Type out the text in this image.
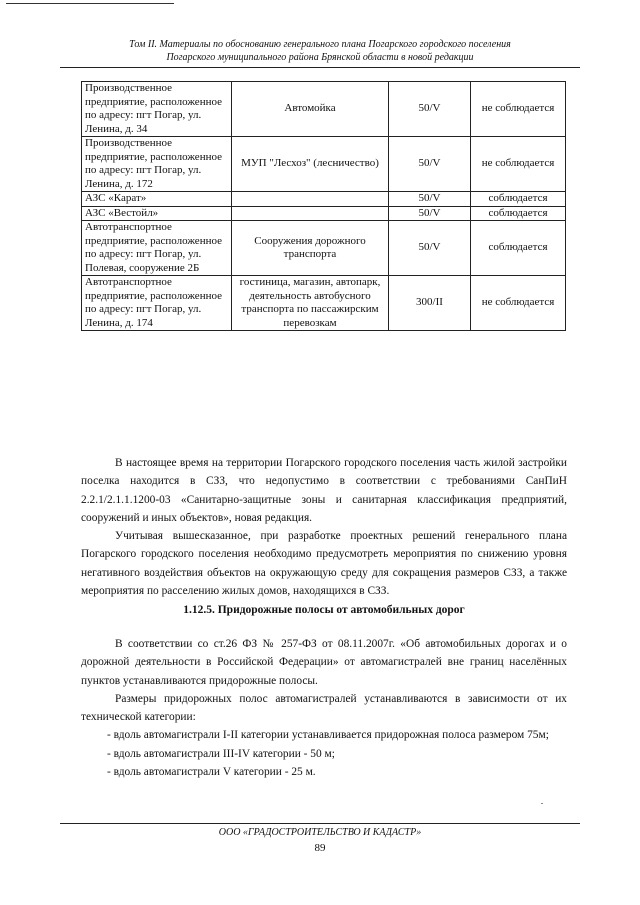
Том II. Материалы по обоснованию генерального плана Погарского городского поселения
Погарского муниципального района Брянской области в новой редакции
Производственное предприятие, расположенное по адресу: пгт Погар, ул. Ленина, д. 34	Автомойка	50/V	не соблюдается
Производственное предприятие, расположенное по адресу: пгт Погар, ул. Ленина, д. 172	МУП "Лесхоз" (лесничество)	50/V	не соблюдается
АЗС «Карат»		50/V	соблюдается
АЗС «Вестойл»		50/V	соблюдается
Автотранспортное предприятие, расположенное по адресу: пгт Погар, ул. Полевая, сооружение 2Б	Сооружения дорожного транспорта	50/V	соблюдается
Автотранспортное предприятие, расположенное по адресу: пгт Погар, ул. Ленина, д. 174	гостиница, магазин, автопарк, деятельность автобусного транспорта по пассажирским перевозкам	300/II	не соблюдается

В настоящее время на территории Погарского городского поселения часть жилой застройки поселка находится в СЗЗ, что недопустимо в соответствии с требованиями СанПиН 2.2.1/2.1.1.1200-03 «Санитарно-защитные зоны и санитарная классификация предприятий, сооружений и иных объектов», новая редакция.

Учитывая вышесказанное, при разработке проектных решений генерального плана Погарского городского поселения необходимо предусмотреть мероприятия по снижению уровня негативного воздействия объектов на окружающую среду для сокращения размеров СЗЗ, а также мероприятия по расселению жилых домов, находящихся в СЗЗ.

1.12.5. Придорожные полосы от автомобильных дорог

В соответствии со ст.26 ФЗ № 257-ФЗ от 08.11.2007г. «Об автомобильных дорогах и о дорожной деятельности в Российской Федерации» от автомагистралей вне границ населённых пунктов устанавливаются придорожные полосы.

Размеры придорожных полос автомагистралей устанавливаются в зависимости от их технической категории:

- вдоль автомагистрали I-II категории устанавливается придорожная полоса размером 75м;

- вдоль автомагистрали III-IV категории - 50 м;

- вдоль автомагистрали V категории - 25 м.

ООО «ГРАДОСТРОИТЕЛЬСТВО И КАДАСТР»
89
